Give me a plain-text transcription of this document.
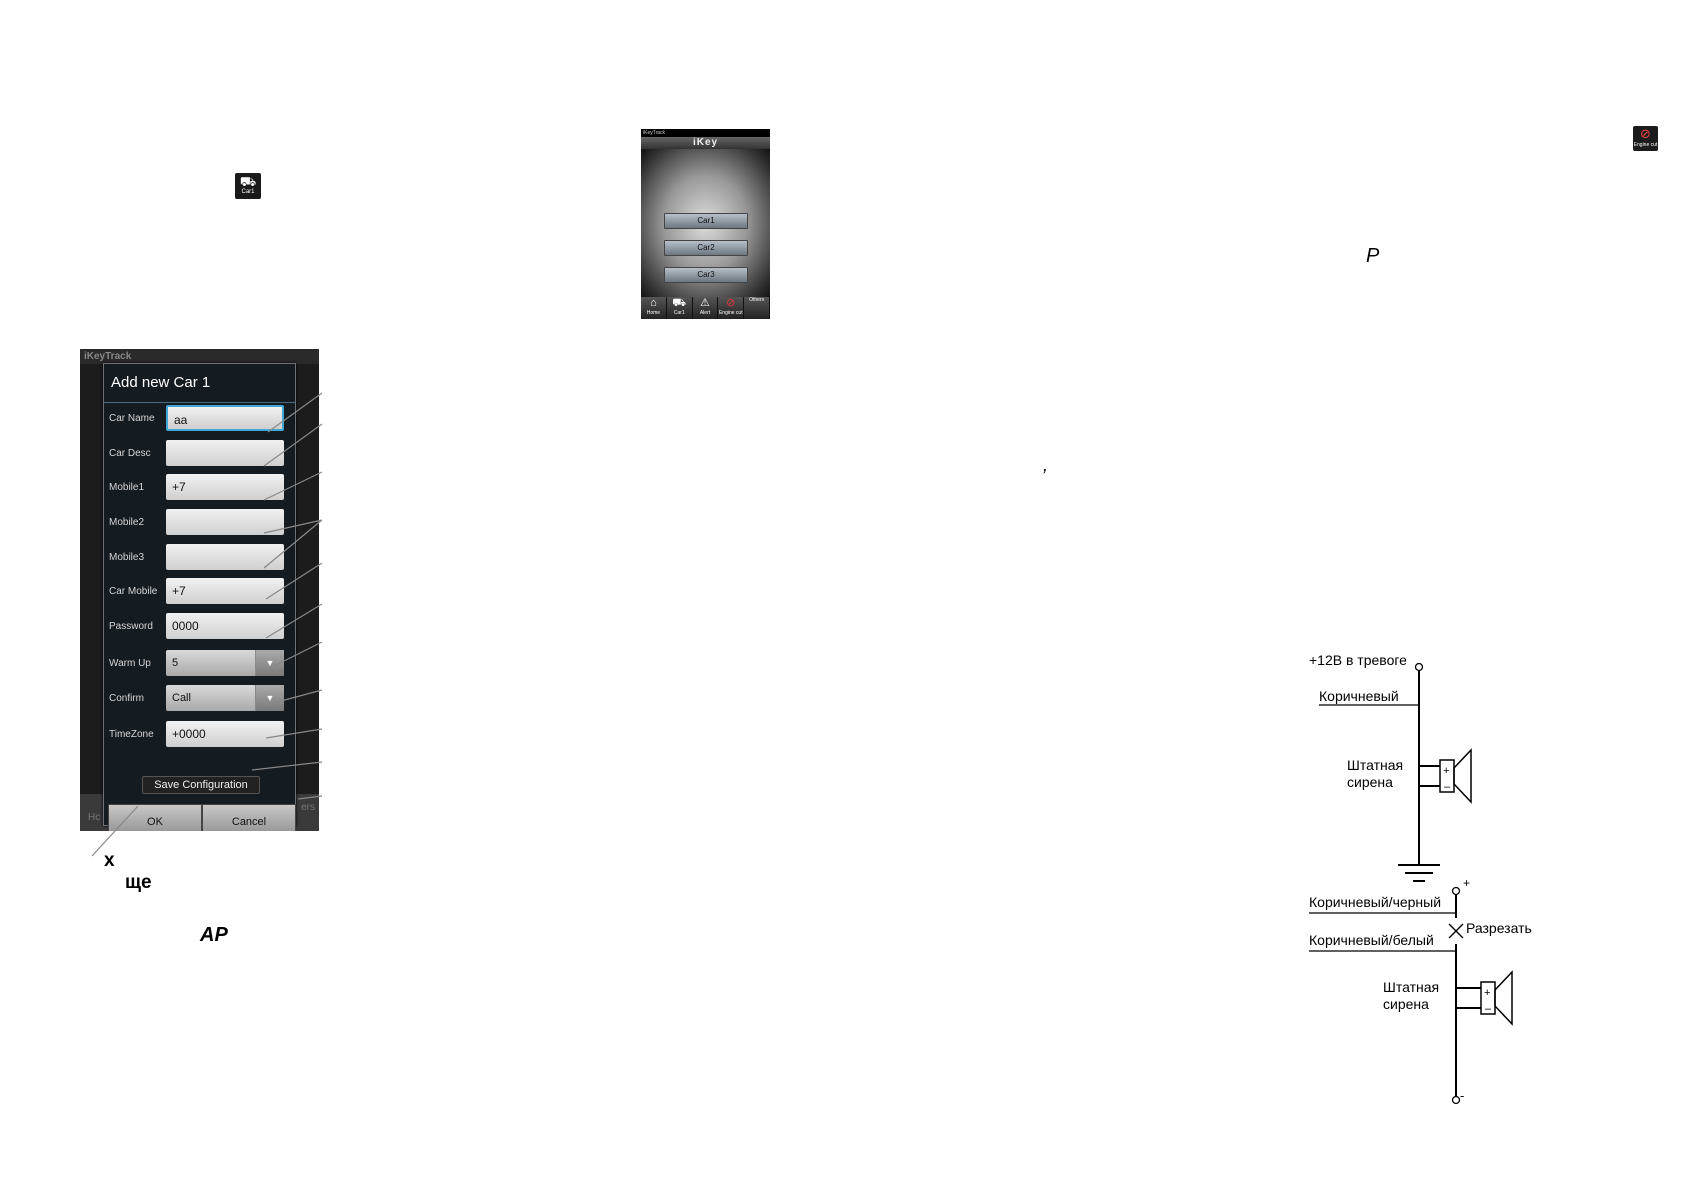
⛟
Car1
iKeyTrack
iKey
Car1
Car2
Car3
⌂
Home
⛟
Car1
⚠
Alert
⊘
Engine cut
Others
iKeyTrack
Hc
ers
Add new Car 1
Car Name	aa
Car Desc
Mobile1	+7
Mobile2
Mobile3
Car Mobile	+7
Password	0000
Warm Up	5	▼
Confirm	Call	▼
TimeZone	+0000
Save Configuration
OK	Cancel
x
ще
AP
P
,
⊘
Engine cut
+12В в тревоге
Коричневый
Штатная
сирена
+
Коричневый/черный
Разрезать
Коричневый/белый
Штатная
сирена
-
+
–
+
–
